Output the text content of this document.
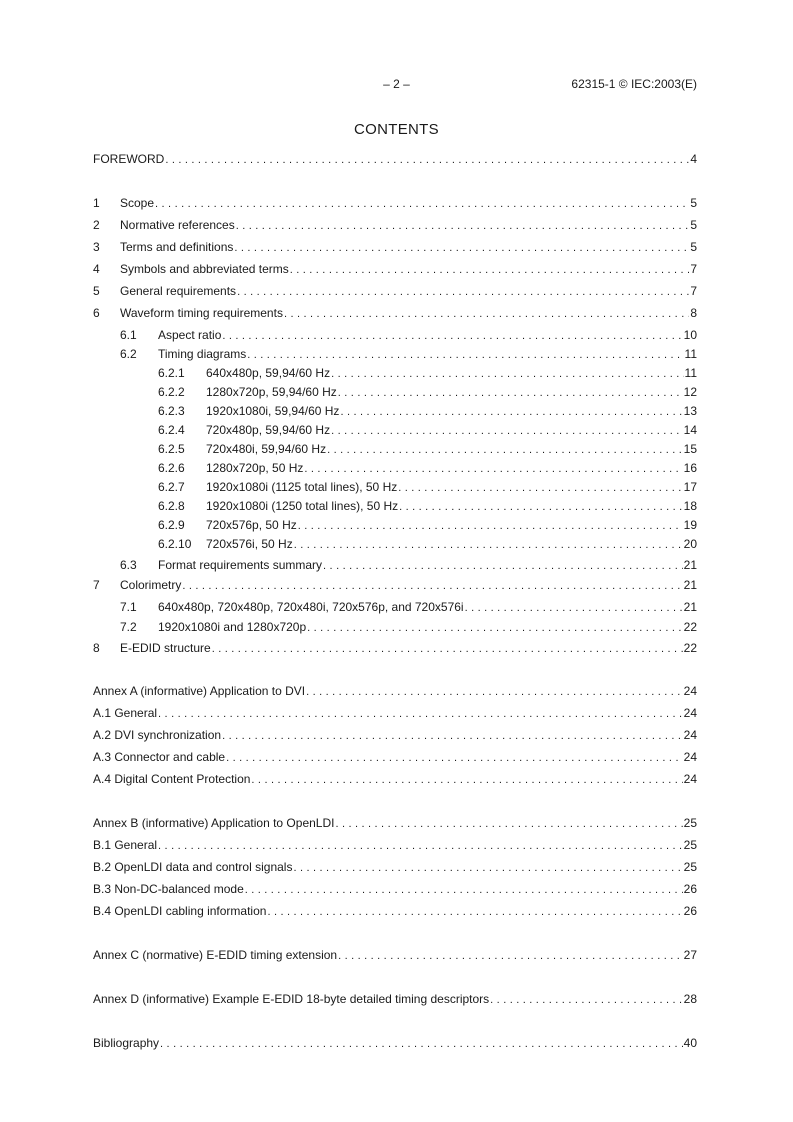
– 2 –	62315-1 © IEC:2003(E)
CONTENTS
FOREWORD . . .	4
1	Scope . . .	5
2	Normative references . . .	5
3	Terms and definitions . . .	5
4	Symbols and abbreviated terms . . .	7
5	General requirements . . .	7
6	Waveform timing requirements . . .	8
6.1	Aspect ratio . . .	10
6.2	Timing diagrams . . .	11
6.2.1	640x480p, 59,94/60 Hz . . .	11
6.2.2	1280x720p, 59,94/60 Hz . . .	12
6.2.3	1920x1080i, 59,94/60 Hz . . .	13
6.2.4	720x480p, 59,94/60 Hz . . .	14
6.2.5	720x480i, 59,94/60 Hz . . .	15
6.2.6	1280x720p, 50 Hz . . .	16
6.2.7	1920x1080i (1125 total lines), 50 Hz . . .	17
6.2.8	1920x1080i (1250 total lines), 50 Hz . . .	18
6.2.9	720x576p, 50 Hz . . .	19
6.2.10	720x576i, 50 Hz . . .	20
6.3	Format requirements summary . . .	21
7	Colorimetry . . .	21
7.1	640x480p, 720x480p, 720x480i, 720x576p, and 720x576i . . .	21
7.2	1920x1080i and 1280x720p . . .	22
8	E-EDID structure . . .	22
Annex A (informative) Application to DVI . . .	24
A.1 General . . .	24
A.2 DVI synchronization . . .	24
A.3 Connector and cable . . .	24
A.4 Digital Content Protection . . .	24
Annex B (informative) Application to OpenLDI . . .	25
B.1 General . . .	25
B.2 OpenLDI data and control signals . . .	25
B.3 Non-DC-balanced mode . . .	26
B.4 OpenLDI cabling information . . .	26
Annex C (normative) E-EDID timing extension . . .	27
Annex D (informative) Example E-EDID 18-byte detailed timing descriptors . . .	28
Bibliography . . .	40
